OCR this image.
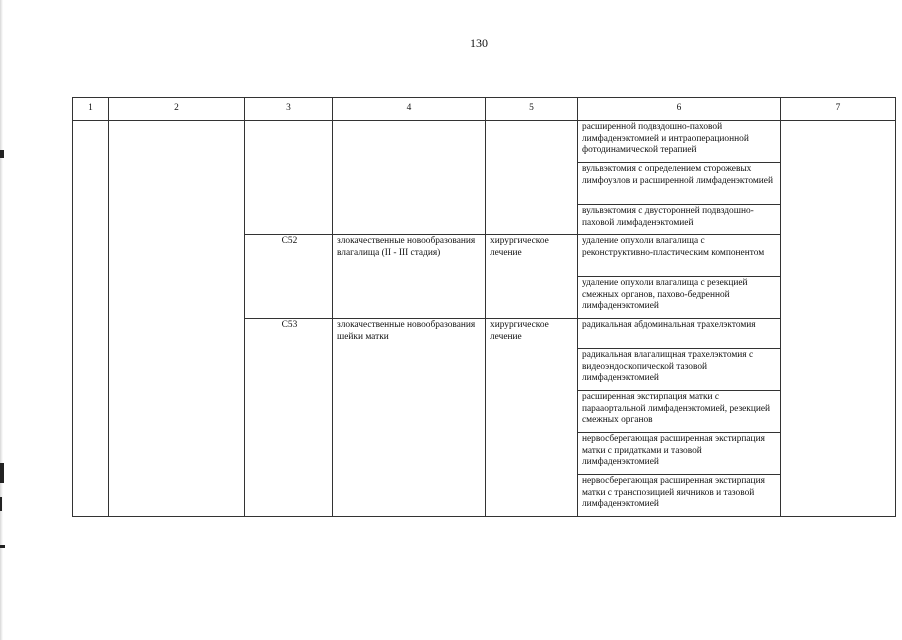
130
1	2	3	4	5	6	7
					расширенной подвздошно-паховой лимфаденэктомией и интраоперационной фотодинамической терапией	
					вульвэктомия с определением сторожевых лимфоузлов и расширенной лимфаденэктомией	
					вульвэктомия с двусторонней подвздошно-паховой лимфаденэктомией	
		C52	злокачественные новообразования влагалища (II - III стадия)	хирургическое лечение	удаление опухоли влагалища с реконструктивно-пластическим компонентом	
					удаление опухоли влагалища с резекцией смежных органов, пахово-бедренной лимфаденэктомией	
		C53	злокачественные новообразования шейки матки	хирургическое лечение	радикальная абдоминальная трахелэктомия	
					радикальная влагалищная трахелэктомия с видеоэндоскопической тазовой лимфаденэктомией	
					расширенная экстирпация матки с парааортальной лимфаденэктомией, резекцией смежных органов	
					нервосберегающая расширенная экстирпация матки с придатками и тазовой лимфаденэктомией	
					нервосберегающая расширенная экстирпация матки с транспозицией яичников и тазовой лимфаденэктомией	
